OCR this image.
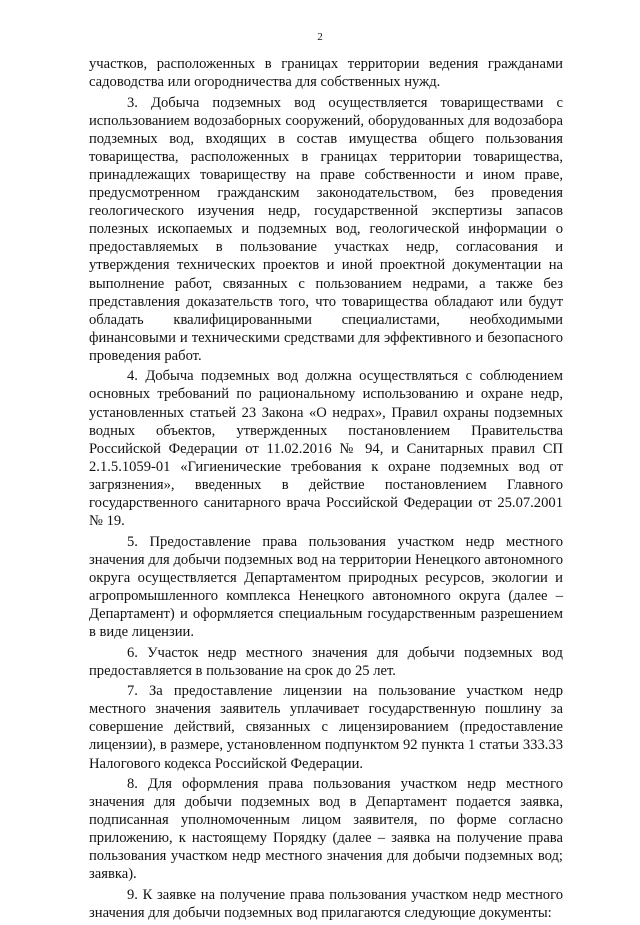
2

участков, расположенных в границах территории ведения гражданами садоводства или огородничества для собственных нужд.

3. Добыча подземных вод осуществляется товариществами с использованием водозаборных сооружений, оборудованных для водозабора подземных вод, входящих в состав имущества общего пользования товарищества, расположенных в границах территории товарищества, принадлежащих товариществу на праве собственности и ином праве, предусмотренном гражданским законодательством, без проведения геологического изучения недр, государственной экспертизы запасов полезных ископаемых и подземных вод, геологической информации о предоставляемых в пользование участках недр, согласования и утверждения технических проектов и иной проектной документации на выполнение работ, связанных с пользованием недрами, а также без представления доказательств того, что товарищества обладают или будут обладать квалифицированными специалистами, необходимыми финансовыми и техническими средствами для эффективного и безопасного проведения работ.

4. Добыча подземных вод должна осуществляться с соблюдением основных требований по рациональному использованию и охране недр, установленных статьей 23 Закона «О недрах», Правил охраны подземных водных объектов, утвержденных постановлением Правительства Российской Федерации от 11.02.2016 № 94, и Санитарных правил СП 2.1.5.1059-01 «Гигиенические требования к охране подземных вод от загрязнения», введенных в действие постановлением Главного государственного санитарного врача Российской Федерации от 25.07.2001 № 19.

5. Предоставление права пользования участком недр местного значения для добычи подземных вод на территории Ненецкого автономного округа осуществляется Департаментом природных ресурсов, экологии и агропромышленного комплекса Ненецкого автономного округа (далее – Департамент) и оформляется специальным государственным разрешением в виде лицензии.

6. Участок недр местного значения для добычи подземных вод предоставляется в пользование на срок до 25 лет.

7. За предоставление лицензии на пользование участком недр местного значения заявитель уплачивает государственную пошлину за совершение действий, связанных с лицензированием (предоставление лицензии), в размере, установленном подпунктом 92 пункта 1 статьи 333.33 Налогового кодекса Российской Федерации.

8. Для оформления права пользования участком недр местного значения для добычи подземных вод в Департамент подается заявка, подписанная уполномоченным лицом заявителя, по форме согласно приложению, к настоящему Порядку (далее – заявка на получение права пользования участком недр местного значения для добычи подземных вод; заявка).

9. К заявке на получение права пользования участком недр местного значения для добычи подземных вод прилагаются следующие документы:
